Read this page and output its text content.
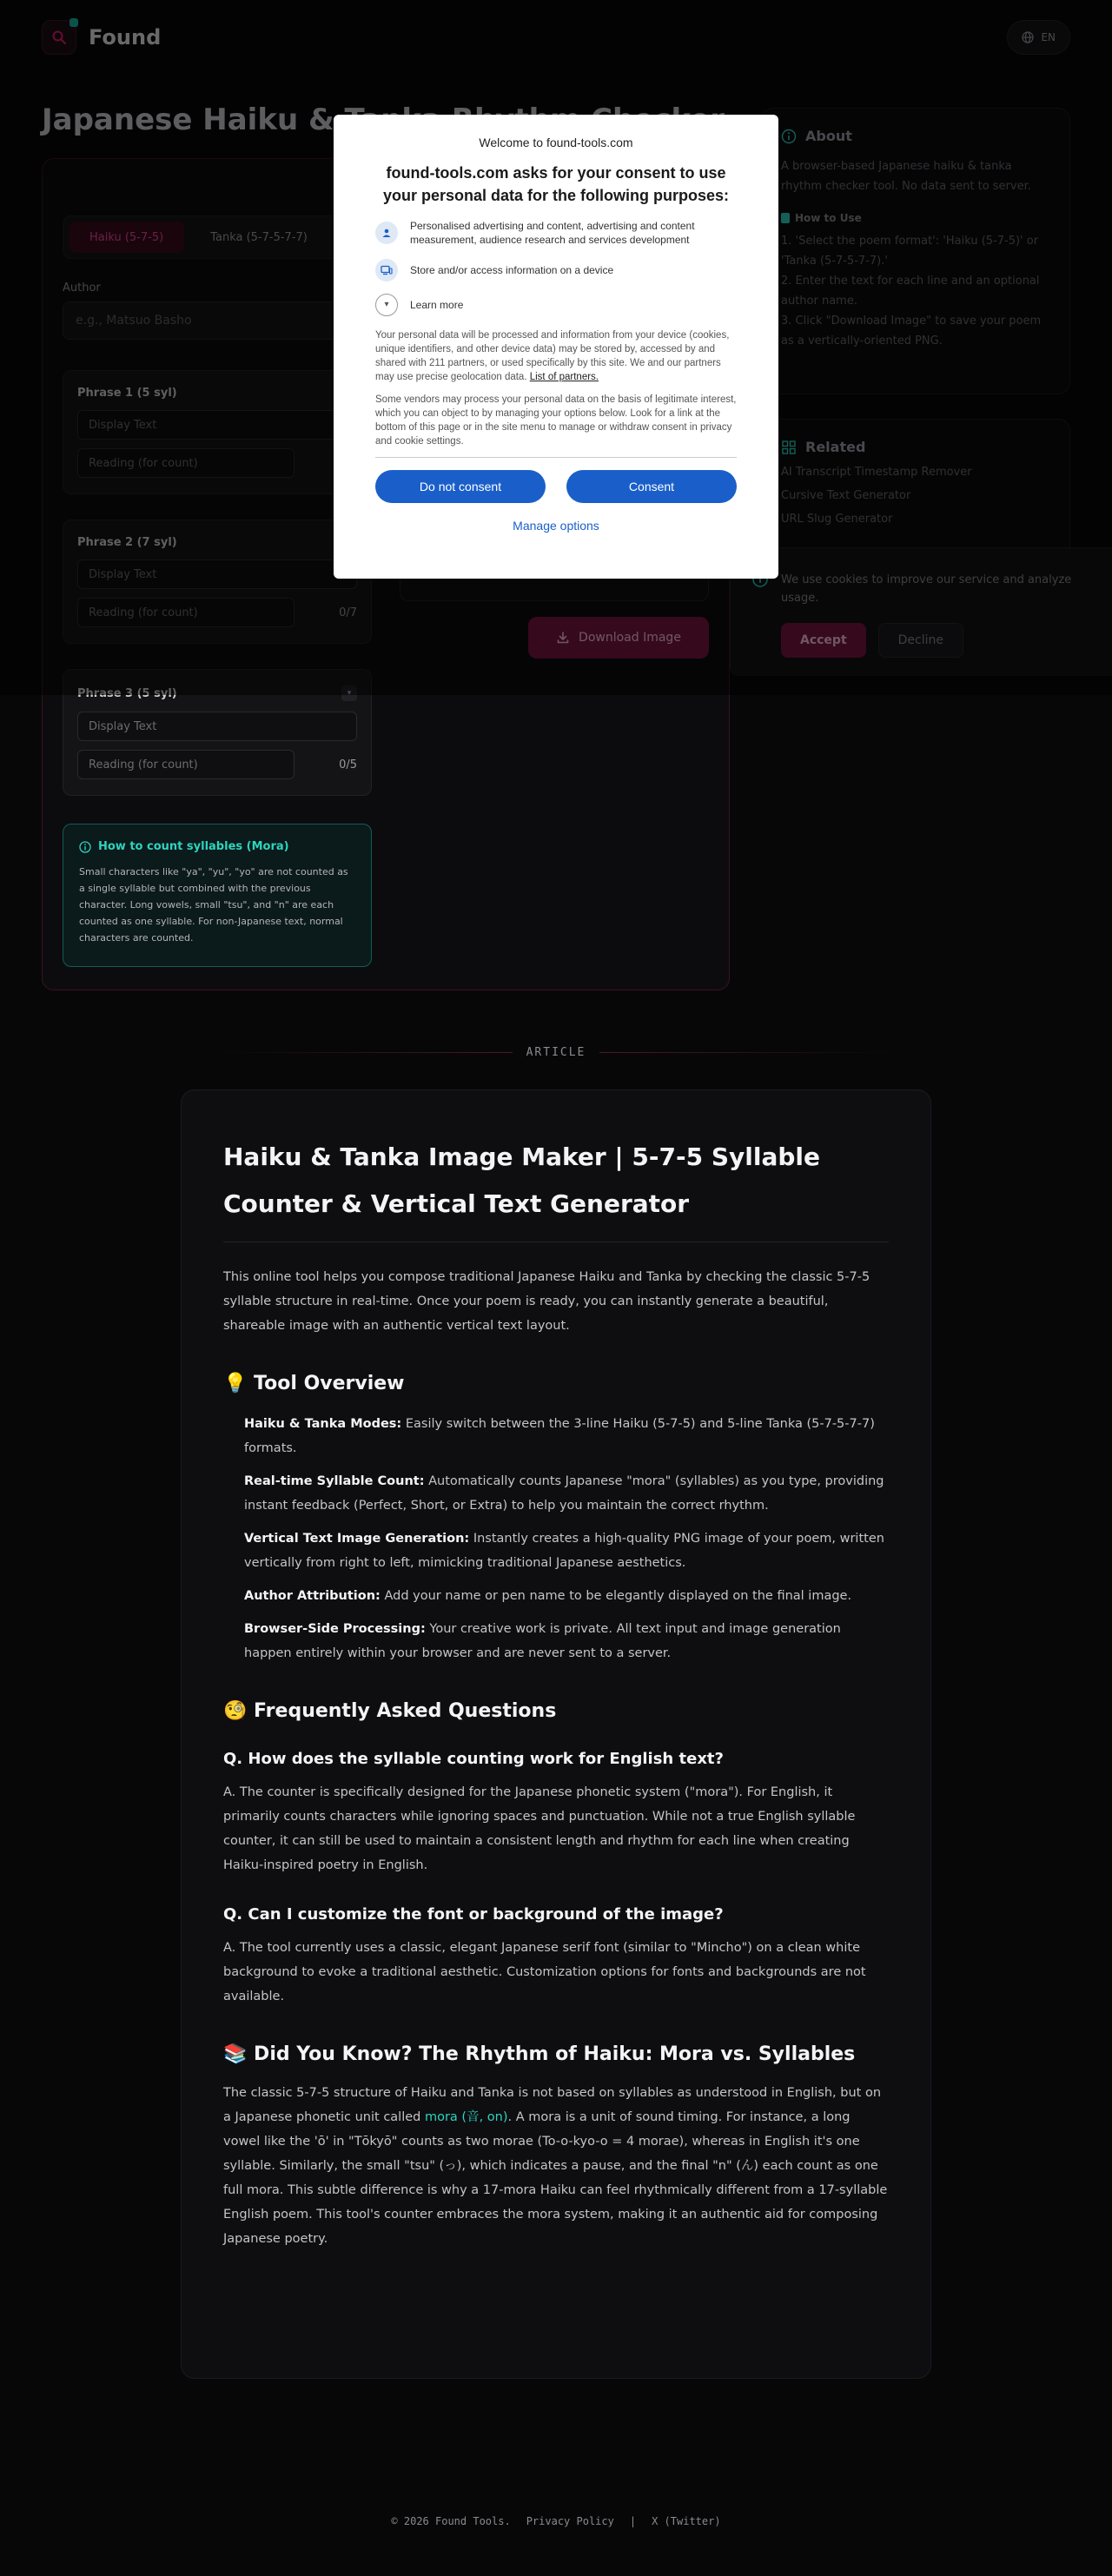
Display Text
Reading (for count)	0/5
How to count syllables (Mora)
Small characters like "ya", "yu", "yo" are not counted as a single syllable but combined with the previous character. Long vowels, small "tsu", and "n" are each counted as one syllable. For non-Japanese text, normal characters are counted.
Welcome to found-tools.com
found-tools.com asks for your consent to use your personal data for the following purposes:
Personalised advertising and content, advertising and content measurement, audience research and services development
Store and/or access information on a device
▾	Learn more
Your personal data will be processed and information from your device (cookies, unique identifiers, and other device data) may be stored by, accessed by and shared with 211 partners, or used specifically by this site. We and our partners may use precise geolocation data. List of partners.
Some vendors may process your personal data on the basis of legitimate interest, which you can object to by managing your options below. Look for a link at the bottom of this page or in the site menu to manage or withdraw consent in privacy and cookie settings.
Do not consent	Consent
Manage options
ARTICLE
Haiku & Tanka Image Maker | 5-7-5 Syllable Counter & Vertical Text Generator

This online tool helps you compose traditional Japanese Haiku and Tanka by checking the classic 5-7-5 syllable structure in real-time. Once your poem is ready, you can instantly generate a beautiful, shareable image with an authentic vertical text layout.

💡 Tool Overview
Haiku & Tanka Modes: Easily switch between the 3-line Haiku (5-7-5) and 5-line Tanka (5-7-5-7-7) formats.
Real-time Syllable Count: Automatically counts Japanese "mora" (syllables) as you type, providing instant feedback (Perfect, Short, or Extra) to help you maintain the correct rhythm.
Vertical Text Image Generation: Instantly creates a high-quality PNG image of your poem, written vertically from right to left, mimicking traditional Japanese aesthetics.
Author Attribution: Add your name or pen name to be elegantly displayed on the final image.
Browser-Side Processing: Your creative work is private. All text input and image generation happen entirely within your browser and are never sent to a server.
🧐 Frequently Asked Questions
Q. How does the syllable counting work for English text?

A. The counter is specifically designed for the Japanese phonetic system ("mora"). For English, it primarily counts characters while ignoring spaces and punctuation. While not a true English syllable counter, it can still be used to maintain a consistent length and rhythm for each line when creating Haiku-inspired poetry in English.

Q. Can I customize the font or background of the image?

A. The tool currently uses a classic, elegant Japanese serif font (similar to "Mincho") on a clean white background to evoke a traditional aesthetic. Customization options for fonts and backgrounds are not available.

📚 Did You Know? The Rhythm of Haiku: Mora vs. Syllables

The classic 5-7-5 structure of Haiku and Tanka is not based on syllables as understood in English, but on a Japanese phonetic unit called mora (音, on). A mora is a unit of sound timing. For instance, a long vowel like the 'ō' in "Tōkyō" counts as two morae (To-o-kyo-o = 4 morae), whereas in English it's one syllable. Similarly, the small "tsu" (っ), which indicates a pause, and the final "n" (ん) each count as one full mora. This subtle difference is why a 17-mora Haiku can feel rhythmically different from a 17-syllable English poem. This tool's counter embraces the mora system, making it an authentic aid for composing Japanese poetry.

© 2026 Found Tools. Privacy Policy | X (Twitter)
